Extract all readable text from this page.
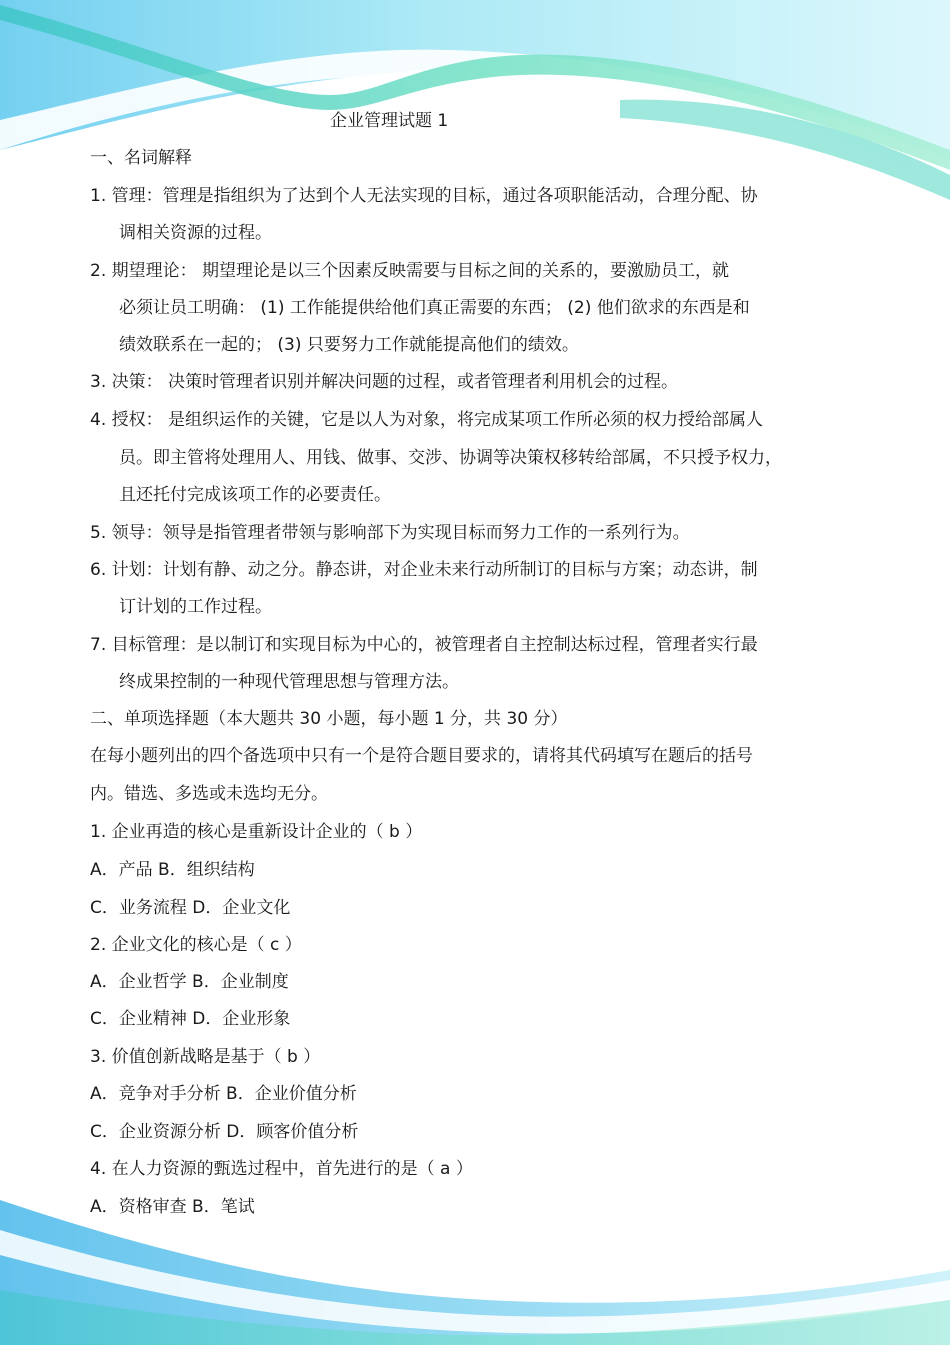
企业管理试题 1
一、名词解释
1. 管理：管理是指组织为了达到个人无法实现的目标，通过各项职能活动，合理分配、协
调相关资源的过程。
2. 期望理论： 期望理论是以三个因素反映需要与目标之间的关系的，要激励员工，就
必须让员工明确： (1) 工作能提供给他们真正需要的东西； (2) 他们欲求的东西是和
绩效联系在一起的； (3) 只要努力工作就能提高他们的绩效。
3. 决策： 决策时管理者识别并解决问题的过程，或者管理者利用机会的过程。
4. 授权： 是组织运作的关键，它是以人为对象，将完成某项工作所必须的权力授给部属人
员。即主管将处理用人、用钱、做事、交涉、协调等决策权移转给部属，不只授予权力，
且还托付完成该项工作的必要责任。
5. 领导：领导是指管理者带领与影响部下为实现目标而努力工作的一系列行为。
6. 计划：计划有静、动之分。静态讲，对企业未来行动所制订的目标与方案；动态讲，制
订计划的工作过程。
7. 目标管理：是以制订和实现目标为中心的，被管理者自主控制达标过程，管理者实行最
终成果控制的一种现代管理思想与管理方法。
二、单项选择题（本大题共 30 小题，每小题 1 分，共 30 分）
在每小题列出的四个备选项中只有一个是符合题目要求的，请将其代码填写在题后的括号
内。错选、多选或未选均无分。
1. 企业再造的核心是重新设计企业的（ b ）
A．产品 B．组织结构
C．业务流程 D．企业文化
2. 企业文化的核心是（ c ）
A．企业哲学 B．企业制度
C．企业精神 D．企业形象
3. 价值创新战略是基于（ b ）
A．竞争对手分析 B．企业价值分析
C．企业资源分析 D．顾客价值分析
4. 在人力资源的甄选过程中，首先进行的是（ a ）
A．资格审查 B．笔试
